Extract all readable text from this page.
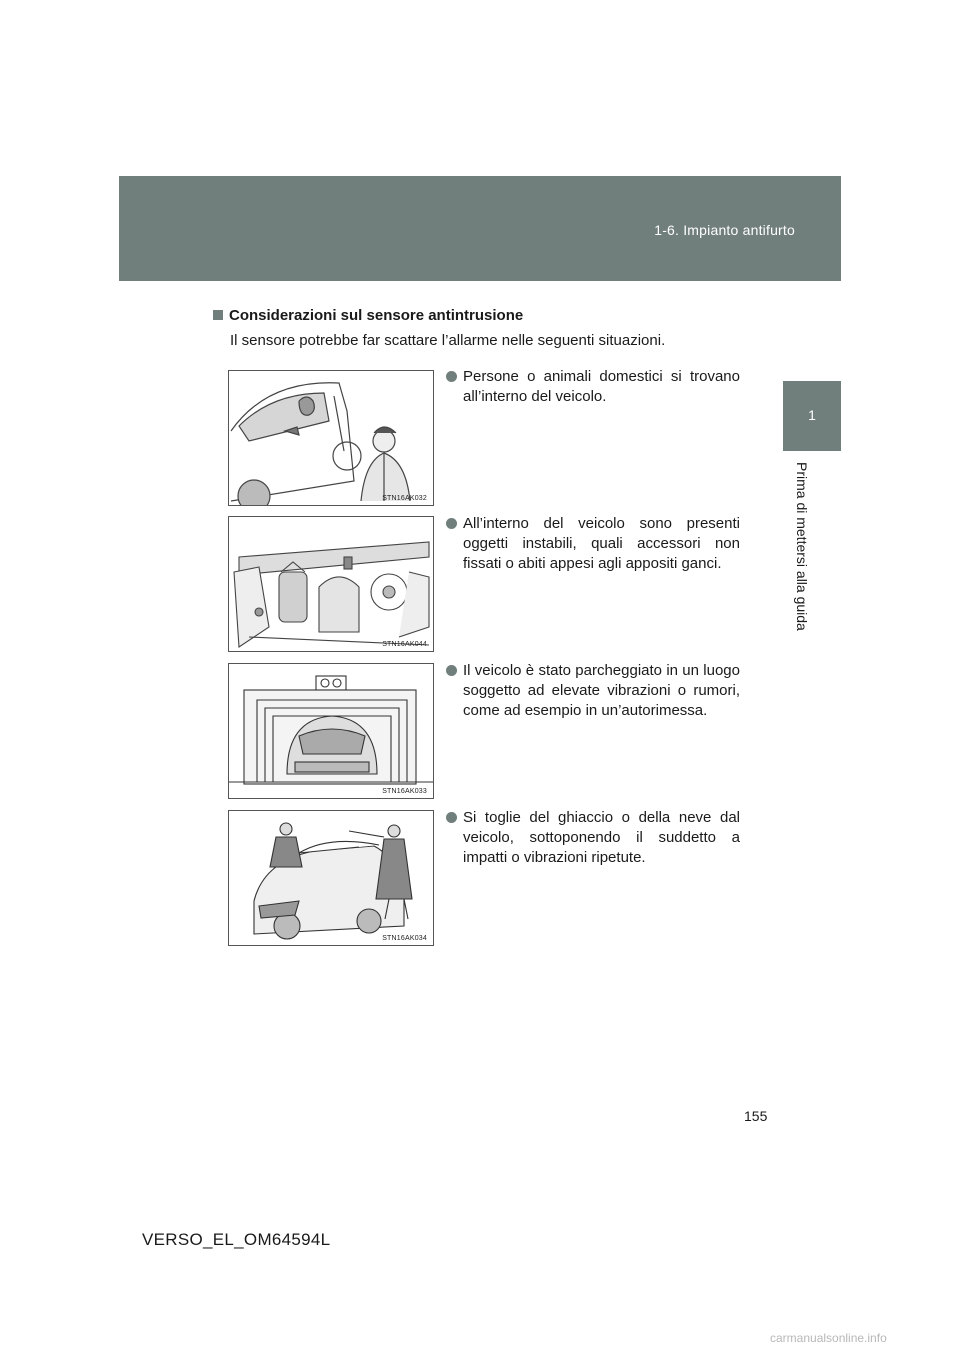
1-6. Impianto antifurto
1
Prima di mettersi alla guida
Considerazioni sul sensore antintrusione
Il sensore potrebbe far scattare l’allarme nelle seguenti situazioni.
STN16AK032
STN16AK044
STN16AK033
STN16AK034
Persone o animali domestici si trovano all’interno del veicolo.
All’interno del veicolo sono presenti oggetti instabili, quali accessori non fissati o abiti appesi agli appositi ganci.
Il veicolo è stato parcheggiato in un luogo soggetto ad elevate vibrazioni o rumori, come ad esempio in un’autorimessa.
Si toglie del ghiaccio o della neve dal veicolo, sottoponendo il suddetto a impatti o vibrazioni ripetute.
155
VERSO_EL_OM64594L
carmanualsonline.info
